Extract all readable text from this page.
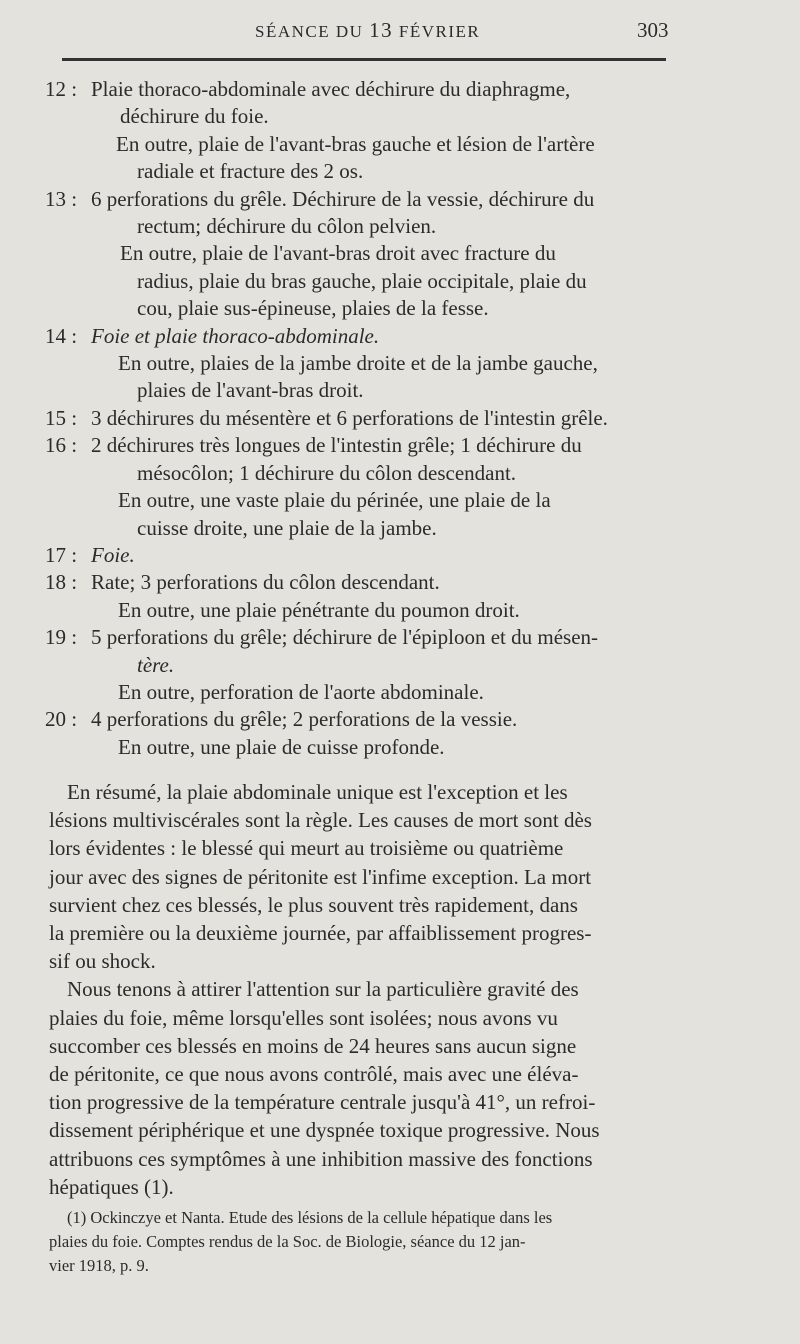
SÉANCE DU 13 FÉVRIER	303
12 : Plaie thoraco-abdominale avec déchirure du diaphragme,
déchirure du foie.
En outre, plaie de l'avant-bras gauche et lésion de l'artère
radiale et fracture des 2 os.
13 : 6 perforations du grêle. Déchirure de la vessie, déchirure du
rectum; déchirure du côlon pelvien.
En outre, plaie de l'avant-bras droit avec fracture du
radius, plaie du bras gauche, plaie occipitale, plaie du
cou, plaie sus-épineuse, plaies de la fesse.
14 : Foie et plaie thoraco-abdominale.
En outre, plaies de la jambe droite et de la jambe gauche,
plaies de l'avant-bras droit.
15 : 3 déchirures du mésentère et 6 perforations de l'intestin grêle.
16 : 2 déchirures très longues de l'intestin grêle; 1 déchirure du
mésocôlon; 1 déchirure du côlon descendant.
En outre, une vaste plaie du périnée, une plaie de la
cuisse droite, une plaie de la jambe.
17 : Foie.
18 : Rate; 3 perforations du côlon descendant.
En outre, une plaie pénétrante du poumon droit.
19 : 5 perforations du grêle; déchirure de l'épiploon et du mésen-
tère.
En outre, perforation de l'aorte abdominale.
20 : 4 perforations du grêle; 2 perforations de la vessie.
En outre, une plaie de cuisse profonde.
En résumé, la plaie abdominale unique est l'exception et les
lésions multiviscérales sont la règle. Les causes de mort sont dès
lors évidentes : le blessé qui meurt au troisième ou quatrième
jour avec des signes de péritonite est l'infime exception. La mort
survient chez ces blessés, le plus souvent très rapidement, dans
la première ou la deuxième journée, par affaiblissement progres-
sif ou shock.
Nous tenons à attirer l'attention sur la particulière gravité des
plaies du foie, même lorsqu'elles sont isolées; nous avons vu
succomber ces blessés en moins de 24 heures sans aucun signe
de péritonite, ce que nous avons contrôlé, mais avec une éléva-
tion progressive de la température centrale jusqu'à 41°, un refroi-
dissement périphérique et une dyspnée toxique progressive. Nous
attribuons ces symptômes à une inhibition massive des fonctions
hépatiques (1).
(1) Ockinczye et Nanta. Etude des lésions de la cellule hépatique dans les
plaies du foie. Comptes rendus de la Soc. de Biologie, séance du 12 jan-
vier 1918, p. 9.
